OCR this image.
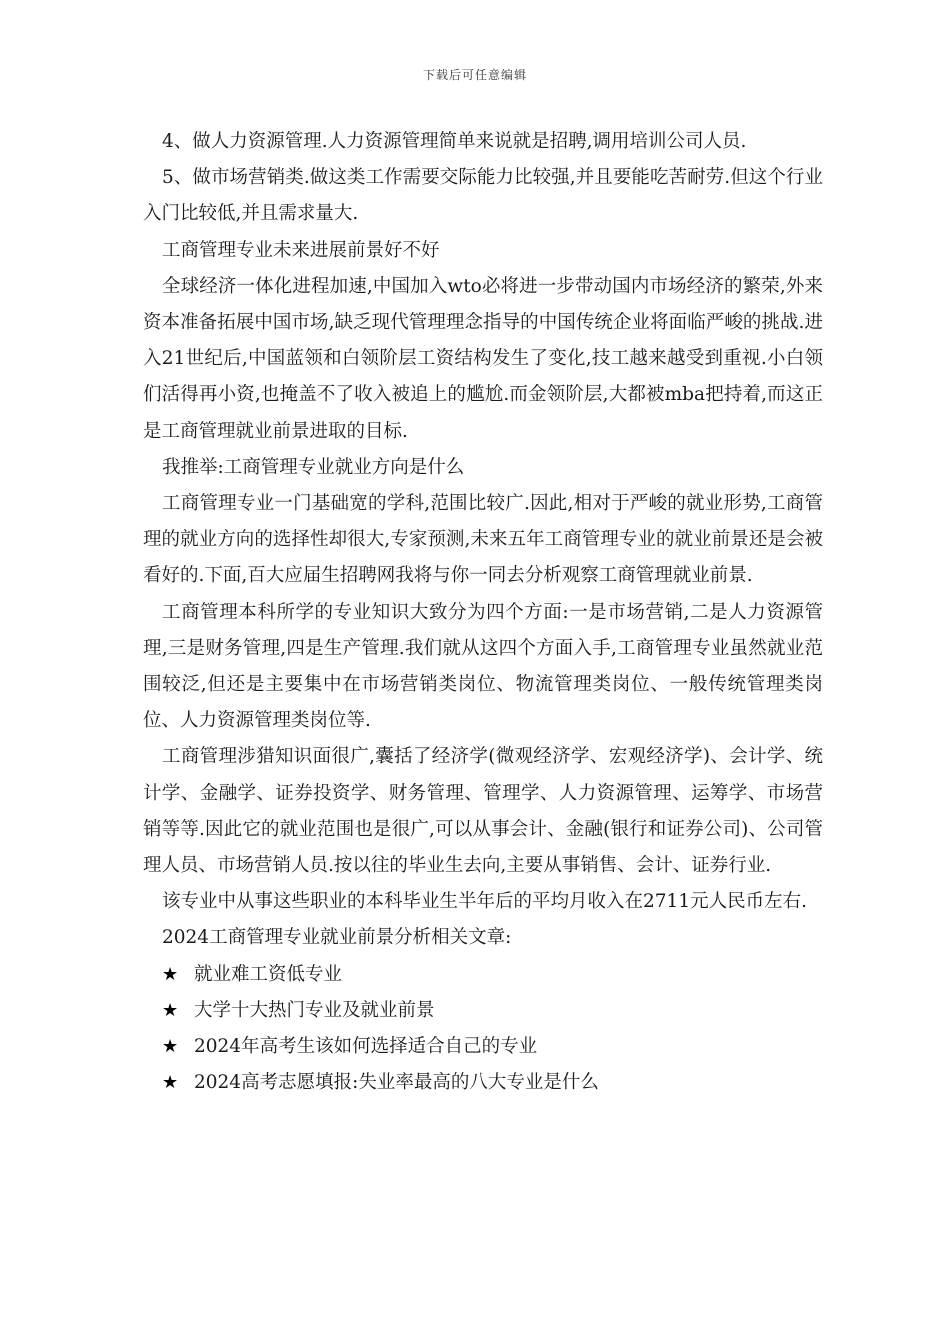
下载后可任意编辑

4、做人力资源管理.人力资源管理简单来说就是招聘,调用培训公司人员.

5、做市场营销类.做这类工作需要交际能力比较强,并且要能吃苦耐劳.但这个行业入门比较低,并且需求量大.

工商管理专业未来进展前景好不好

全球经济一体化进程加速,中国加入wto必将进一步带动国内市场经济的繁荣,外来资本准备拓展中国市场,缺乏现代管理理念指导的中国传统企业将面临严峻的挑战.进入21世纪后,中国蓝领和白领阶层工资结构发生了变化,技工越来越受到重视.小白领们活得再小资,也掩盖不了收入被追上的尴尬.而金领阶层,大都被mba把持着,而这正是工商管理就业前景进取的目标.

我推举:工商管理专业就业方向是什么

工商管理专业一门基础宽的学科,范围比较广.因此,相对于严峻的就业形势,工商管理的就业方向的选择性却很大,专家预测,未来五年工商管理专业的就业前景还是会被看好的.下面,百大应届生招聘网我将与你一同去分析观察工商管理就业前景.

工商管理本科所学的专业知识大致分为四个方面:一是市场营销,二是人力资源管理,三是财务管理,四是生产管理.我们就从这四个方面入手,工商管理专业虽然就业范围较泛,但还是主要集中在市场营销类岗位、物流管理类岗位、一般传统管理类岗位、人力资源管理类岗位等.

工商管理涉猎知识面很广,囊括了经济学(微观经济学、宏观经济学)、会计学、统计学、金融学、证券投资学、财务管理、管理学、人力资源管理、运筹学、市场营销等等.因此它的就业范围也是很广,可以从事会计、金融(银行和证券公司)、公司管理人员、市场营销人员.按以往的毕业生去向,主要从事销售、会计、证券行业.

该专业中从事这些职业的本科毕业生半年后的平均月收入在2711元人民币左右.

2024工商管理专业就业前景分析相关文章:

★ 就业难工资低专业
★ 大学十大热门专业及就业前景
★ 2024年高考生该如何选择适合自己的专业
★ 2024高考志愿填报:失业率最高的八大专业是什么
